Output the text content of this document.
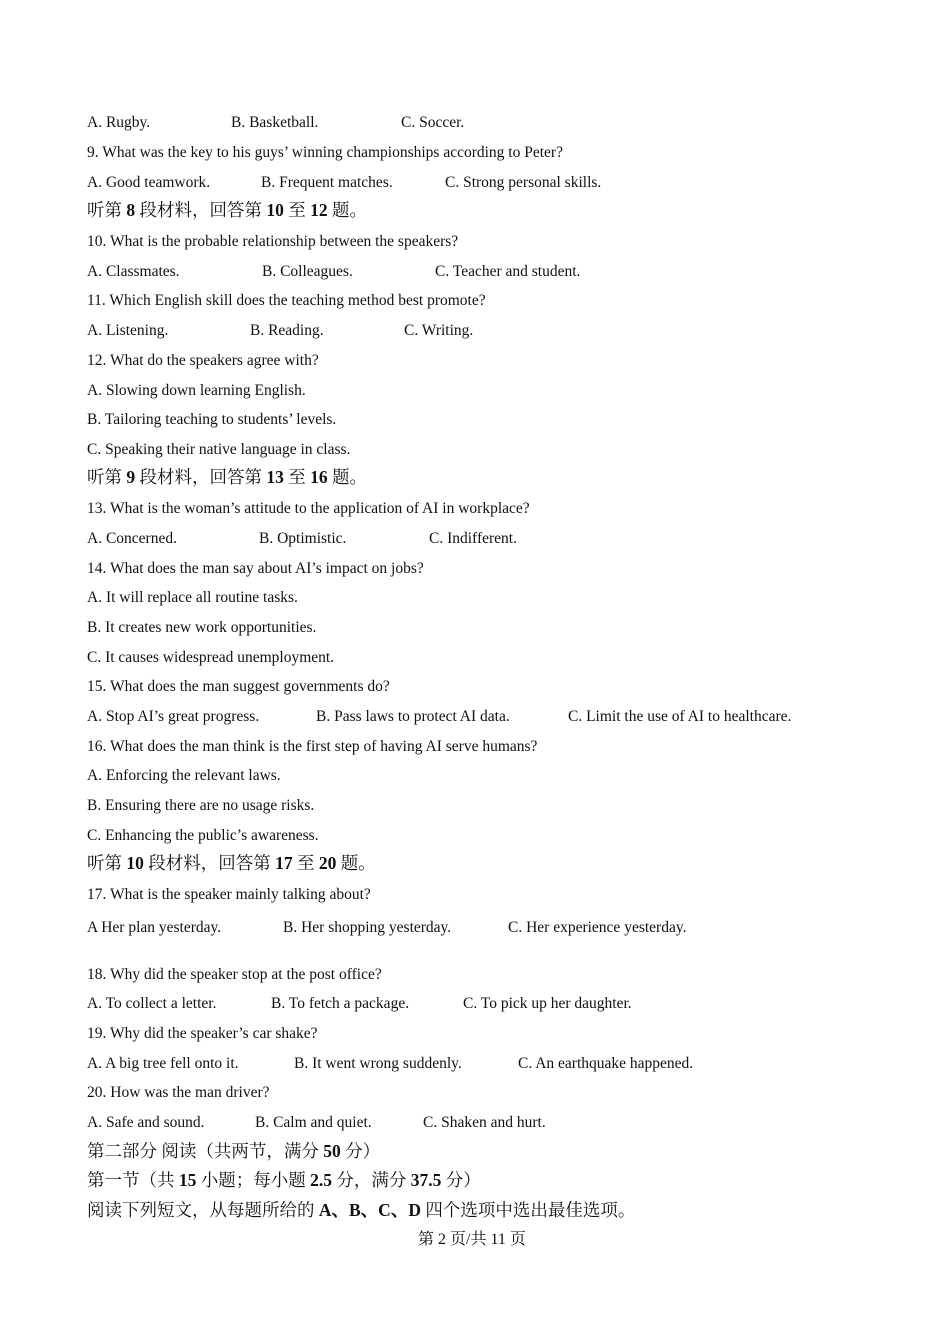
A. Rugby.	B. Basketball.	C. Soccer.
9. What was the key to his guys’ winning championships according to Peter?
A. Good teamwork.	B. Frequent matches.	C. Strong personal skills.
听第 8 段材料，回答第 10 至 12 题。
10. What is the probable relationship between the speakers?
A. Classmates.	B. Colleagues.	C. Teacher and student.
11. Which English skill does the teaching method best promote?
A. Listening.	B. Reading.	C. Writing.
12. What do the speakers agree with?
A. Slowing down learning English.
B. Tailoring teaching to students’ levels.
C. Speaking their native language in class.
听第 9 段材料，回答第 13 至 16 题。
13. What is the woman’s attitude to the application of AI in workplace?
A. Concerned.	B. Optimistic.	C. Indifferent.
14. What does the man say about AI’s impact on jobs?
A. It will replace all routine tasks.
B. It creates new work opportunities.
C. It causes widespread unemployment.
15. What does the man suggest governments do?
A. Stop AI’s great progress.	B. Pass laws to protect AI data.	C. Limit the use of AI to healthcare.
16. What does the man think is the first step of having AI serve humans?
A. Enforcing the relevant laws.
B. Ensuring there are no usage risks.
C. Enhancing the public’s awareness.
听第 10 段材料，回答第 17 至 20 题。
17. What is the speaker mainly talking about?
A Her plan yesterday.	B. Her shopping yesterday.	C. Her experience yesterday.
18. Why did the speaker stop at the post office?
A. To collect a letter.	B. To fetch a package.	C. To pick up her daughter.
19. Why did the speaker’s car shake?
A. A big tree fell onto it.	B. It went wrong suddenly.	C. An earthquake happened.
20. How was the man driver?
A. Safe and sound.	B. Calm and quiet.	C. Shaken and hurt.
第二部分 阅读（共两节，满分 50 分）
第一节（共 15 小题；每小题 2.5 分，满分 37.5 分）
阅读下列短文，从每题所给的 A、B、C、D 四个选项中选出最佳选项。
第 2 页/共 11 页
